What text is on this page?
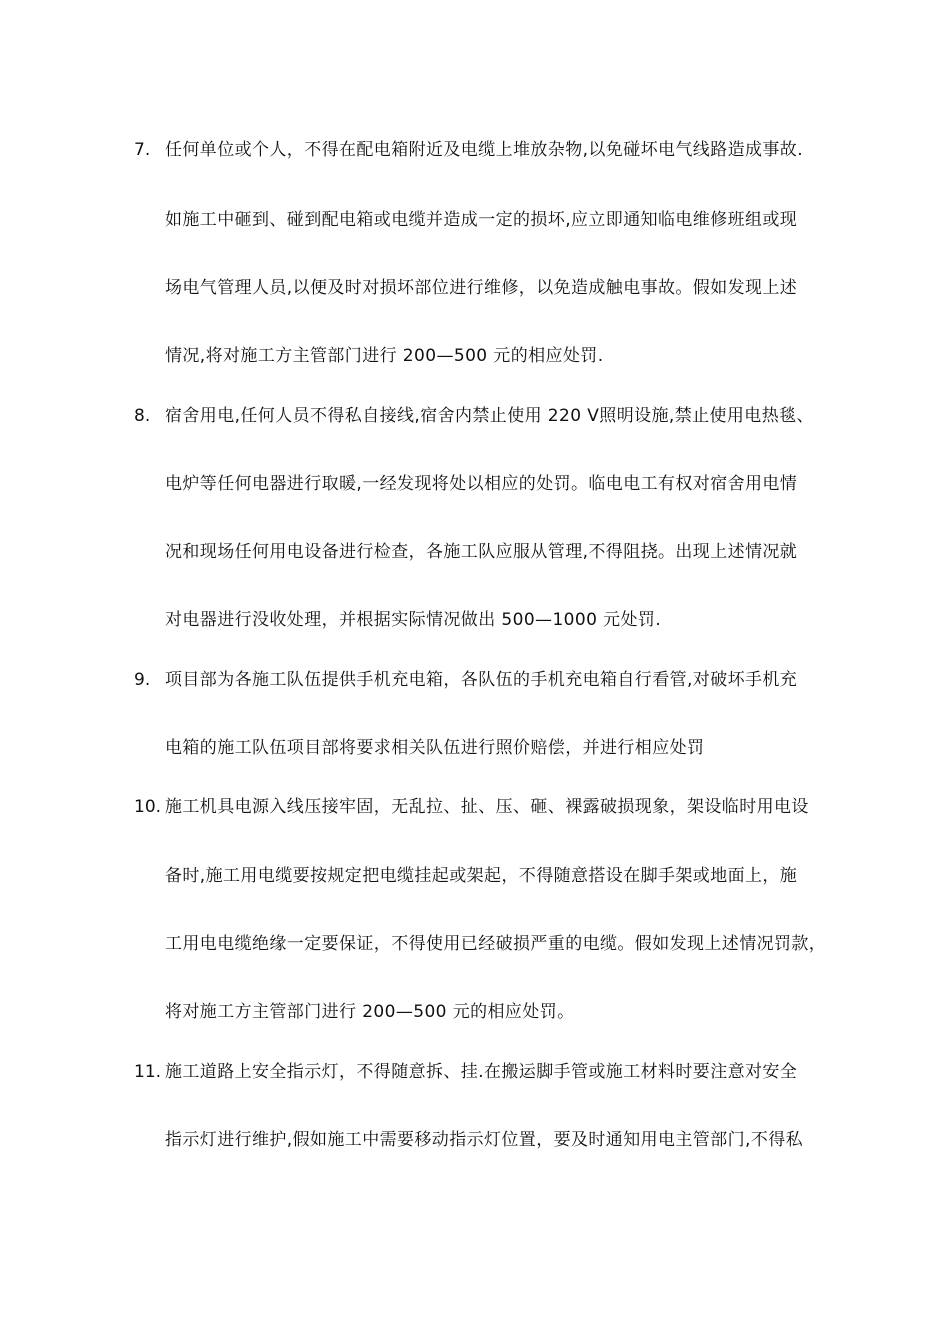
7. 任何单位或个人，不得在配电箱附近及电缆上堆放杂物,以免碰坏电气线路造成事故.
如施工中砸到、碰到配电箱或电缆并造成一定的损坏,应立即通知临电维修班组或现
场电气管理人员,以便及时对损坏部位进行维修，以免造成触电事故。假如发现上述
情况,将对施工方主管部门进行 200—500 元的相应处罚.
8. 宿舍用电,任何人员不得私自接线,宿舍内禁止使用 220 V照明设施,禁止使用电热毯、
电炉等任何电器进行取暖,一经发现将处以相应的处罚。临电电工有权对宿舍用电情
况和现场任何用电设备进行检查，各施工队应服从管理,不得阻挠。出现上述情况就
对电器进行没收处理，并根据实际情况做出 500—1000 元处罚.
9. 项目部为各施工队伍提供手机充电箱，各队伍的手机充电箱自行看管,对破坏手机充
电箱的施工队伍项目部将要求相关队伍进行照价赔偿，并进行相应处罚
10. 施工机具电源入线压接牢固，无乱拉、扯、压、砸、裸露破损现象，架设临时用电设
备时,施工用电缆要按规定把电缆挂起或架起，不得随意搭设在脚手架或地面上，施
工用电电缆绝缘一定要保证，不得使用已经破损严重的电缆。假如发现上述情况罚款，
将对施工方主管部门进行 200—500 元的相应处罚。
11. 施工道路上安全指示灯，不得随意拆、挂.在搬运脚手管或施工材料时要注意对安全
指示灯进行维护,假如施工中需要移动指示灯位置，要及时通知用电主管部门,不得私
